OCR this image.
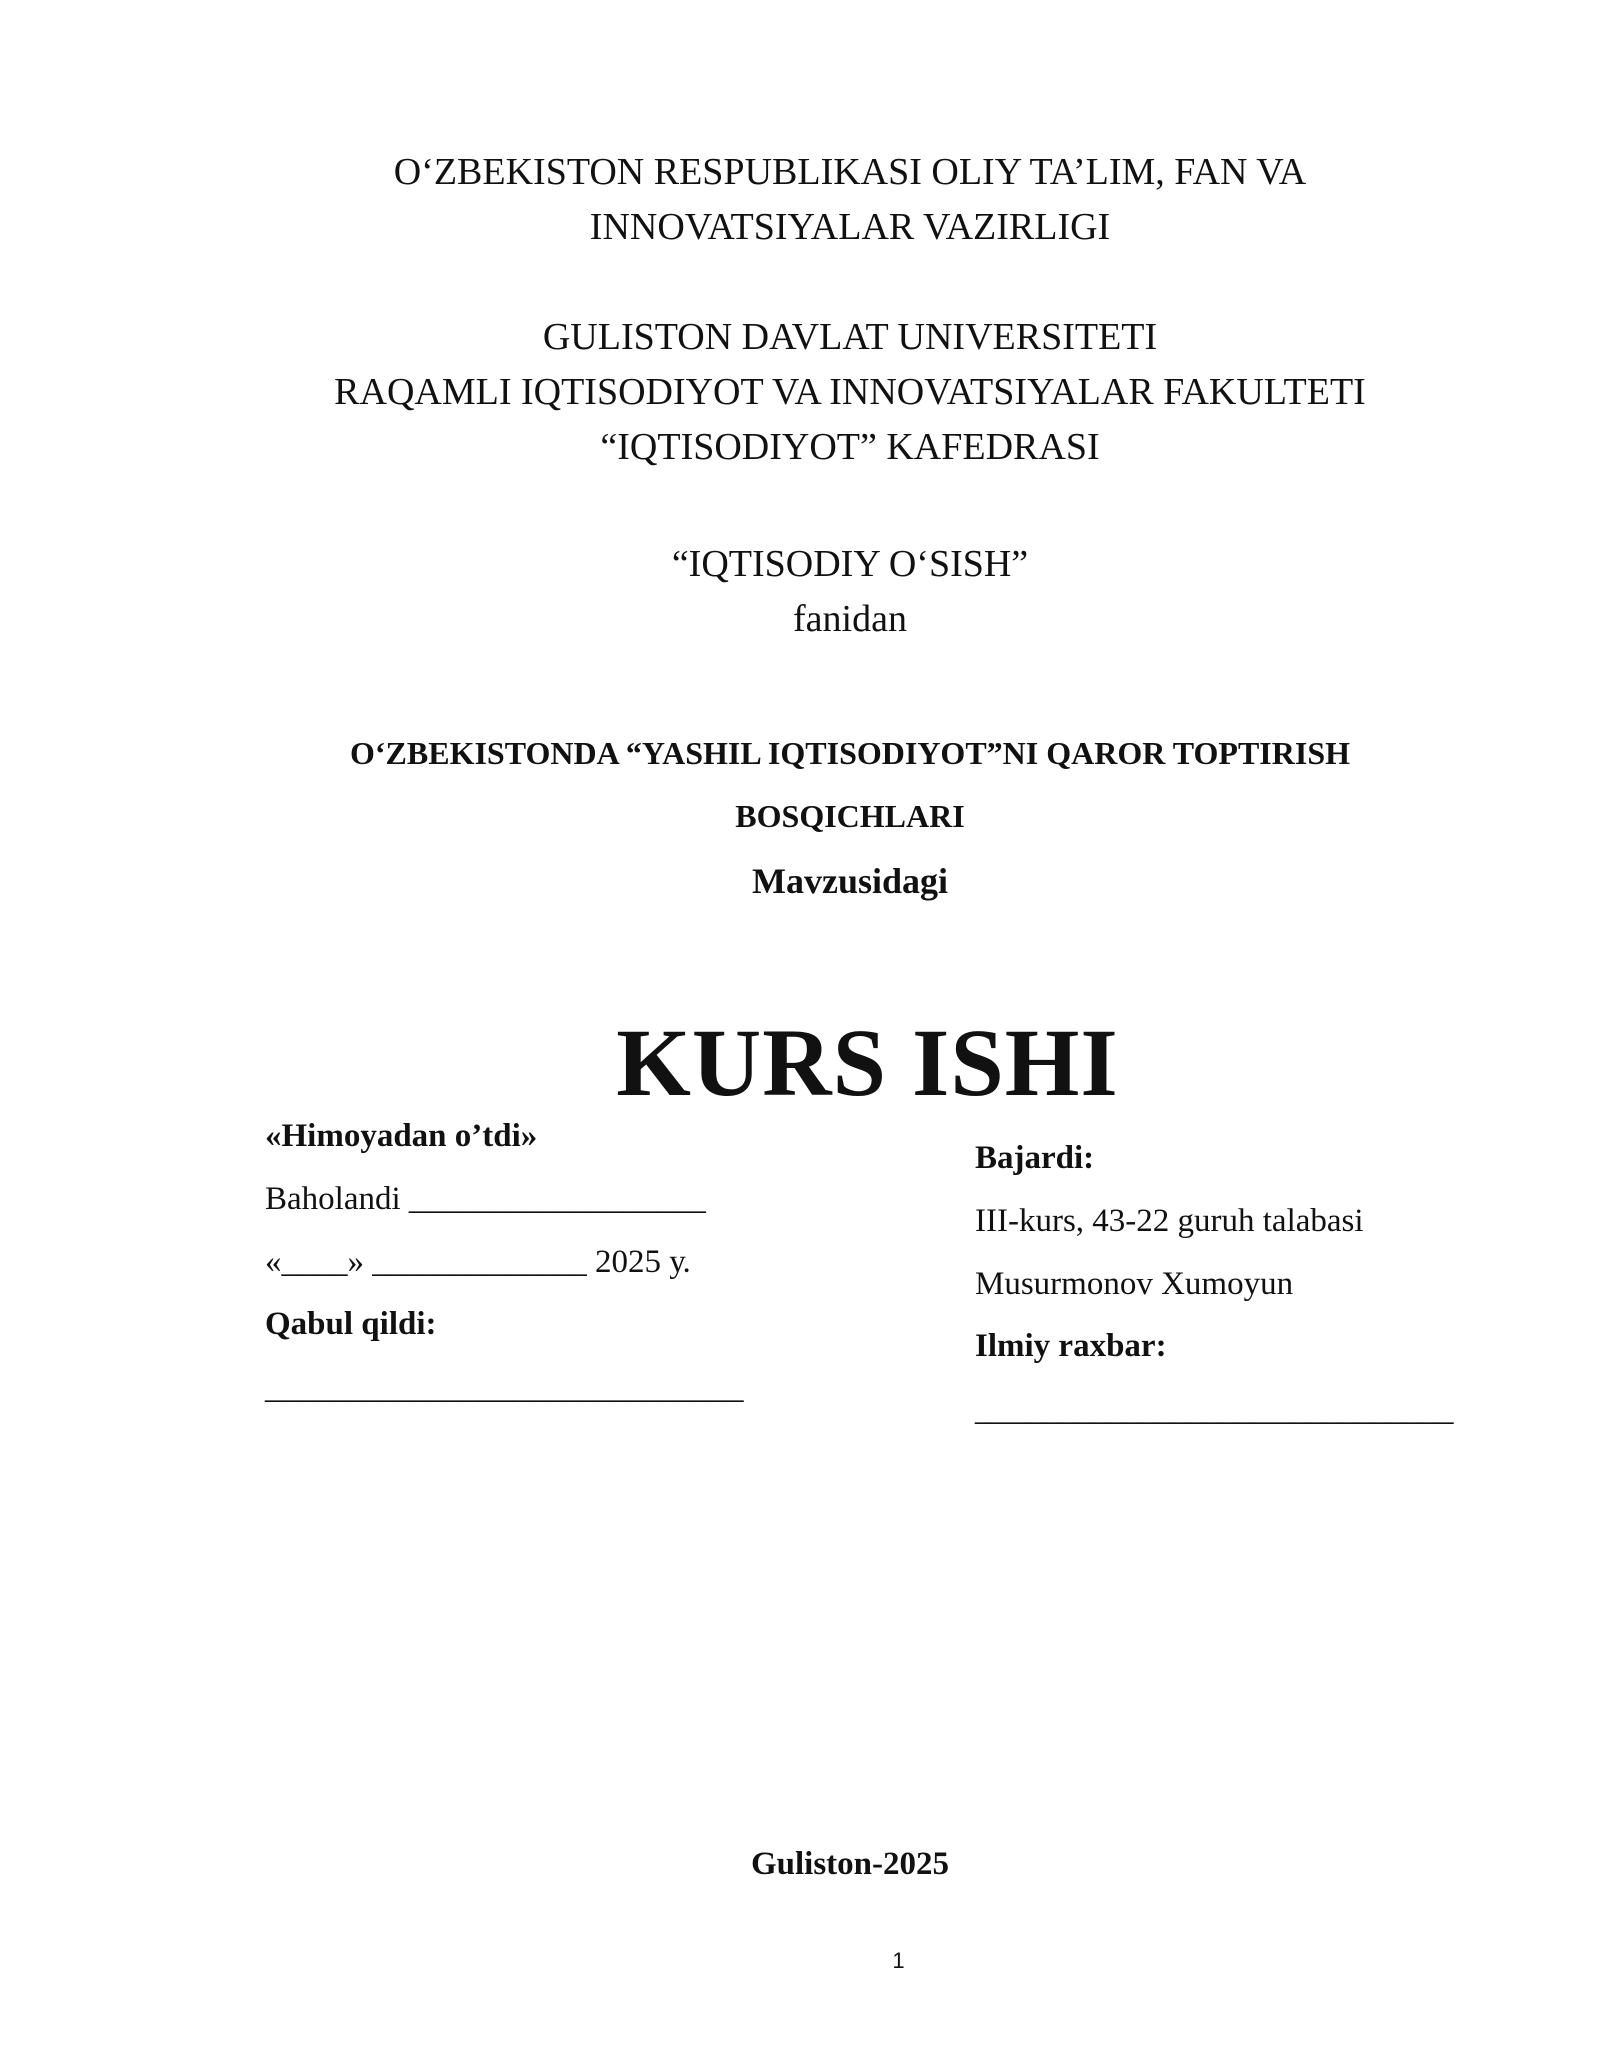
O‘ZBEKISTON RESPUBLIKASI OLIY TA’LIM, FAN VA
INNOVATSIYALAR VAZIRLIGI
GULISTON DAVLAT UNIVERSITETI
RAQAMLI IQTISODIYOT VA INNOVATSIYALAR FAKULTETI
“IQTISODIYOT” KAFEDRASI
“IQTISODIY O‘SISH”
fanidan
O‘ZBEKISTONDA “YASHIL IQTISODIYOT”NI QAROR TOPTIRISH
BOSQICHLARI
Mavzusidagi
KURS ISHI
«Himoyadan o’tdi»
Baholandi __________________
«____» _____________ 2025 у.
Qabul qildi:
_____________________________
Bajardi:
III-kurs, 43-22 guruh talabasi
Musurmonov Xumoyun
Ilmiy raxbar:
_____________________________
Guliston-2025
1
